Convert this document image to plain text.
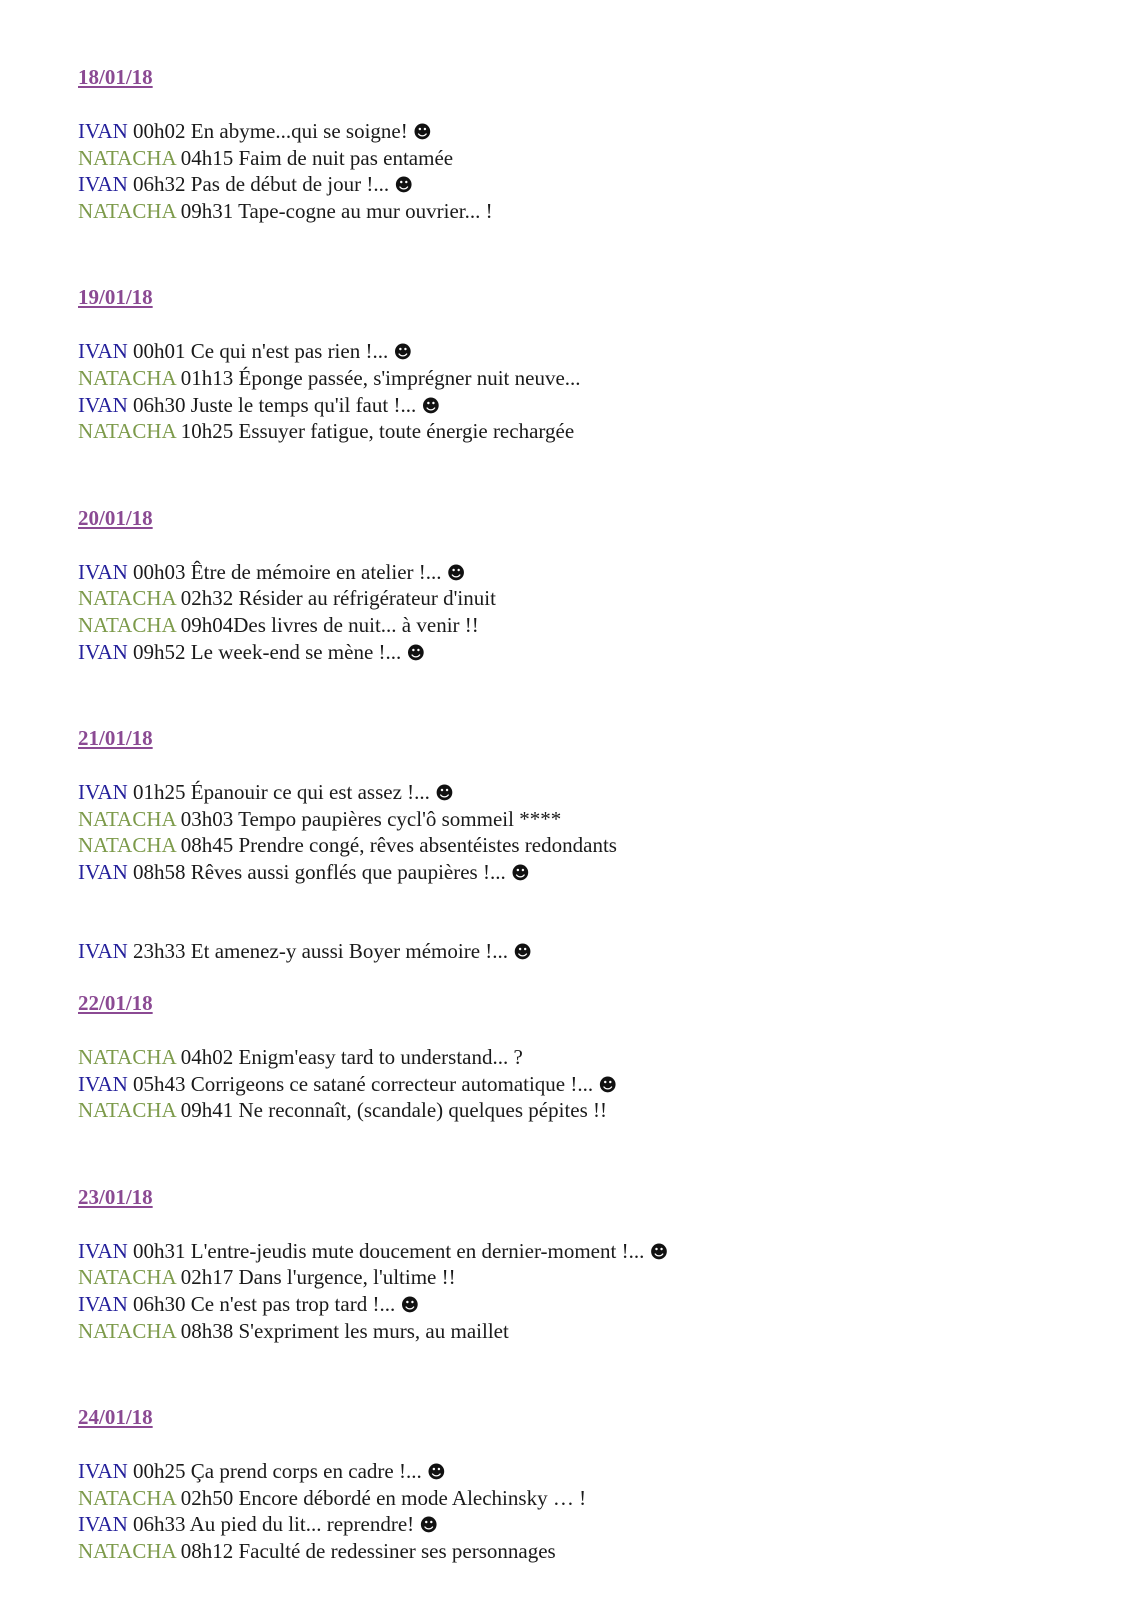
18/01/18
IVAN 00h02 En abyme...qui se soigne! ☻
NATACHA 04h15 Faim de nuit pas entamée
IVAN 06h32 Pas de début de jour !... ☻
NATACHA 09h31 Tape-cogne au mur ouvrier... !
19/01/18
IVAN 00h01 Ce qui n'est pas rien !... ☻
NATACHA 01h13 Éponge passée, s'imprégner nuit neuve...
IVAN 06h30 Juste le temps qu'il faut !... ☻
NATACHA 10h25 Essuyer fatigue, toute énergie rechargée
20/01/18
IVAN 00h03 Être de mémoire en atelier !... ☻
NATACHA 02h32 Résider au réfrigérateur d'inuit
NATACHA 09h04Des livres de nuit... à venir !!
IVAN 09h52 Le week-end se mène !... ☻
21/01/18
IVAN 01h25 Épanouir ce qui est assez !... ☻
NATACHA 03h03 Tempo paupières cycl'ô sommeil ****
NATACHA 08h45 Prendre congé, rêves absentéistes redondants
IVAN 08h58 Rêves aussi gonflés que paupières !... ☻
IVAN 23h33 Et amenez-y aussi Boyer mémoire !... ☻
22/01/18
NATACHA 04h02 Enigm'easy tard to understand... ?
IVAN 05h43 Corrigeons ce satané correcteur automatique !... ☻
NATACHA 09h41 Ne reconnaît, (scandale) quelques pépites !!
23/01/18
IVAN 00h31 L'entre-jeudis mute doucement en dernier-moment !... ☻
NATACHA 02h17 Dans l'urgence, l'ultime !!
IVAN 06h30 Ce n'est pas trop tard !... ☻
NATACHA 08h38 S'expriment les murs, au maillet
24/01/18
IVAN 00h25 Ça prend corps en cadre !... ☻
NATACHA 02h50 Encore débordé en mode Alechinsky … !
IVAN 06h33 Au pied du lit... reprendre! ☻
NATACHA 08h12 Faculté de redessiner ses personnages
